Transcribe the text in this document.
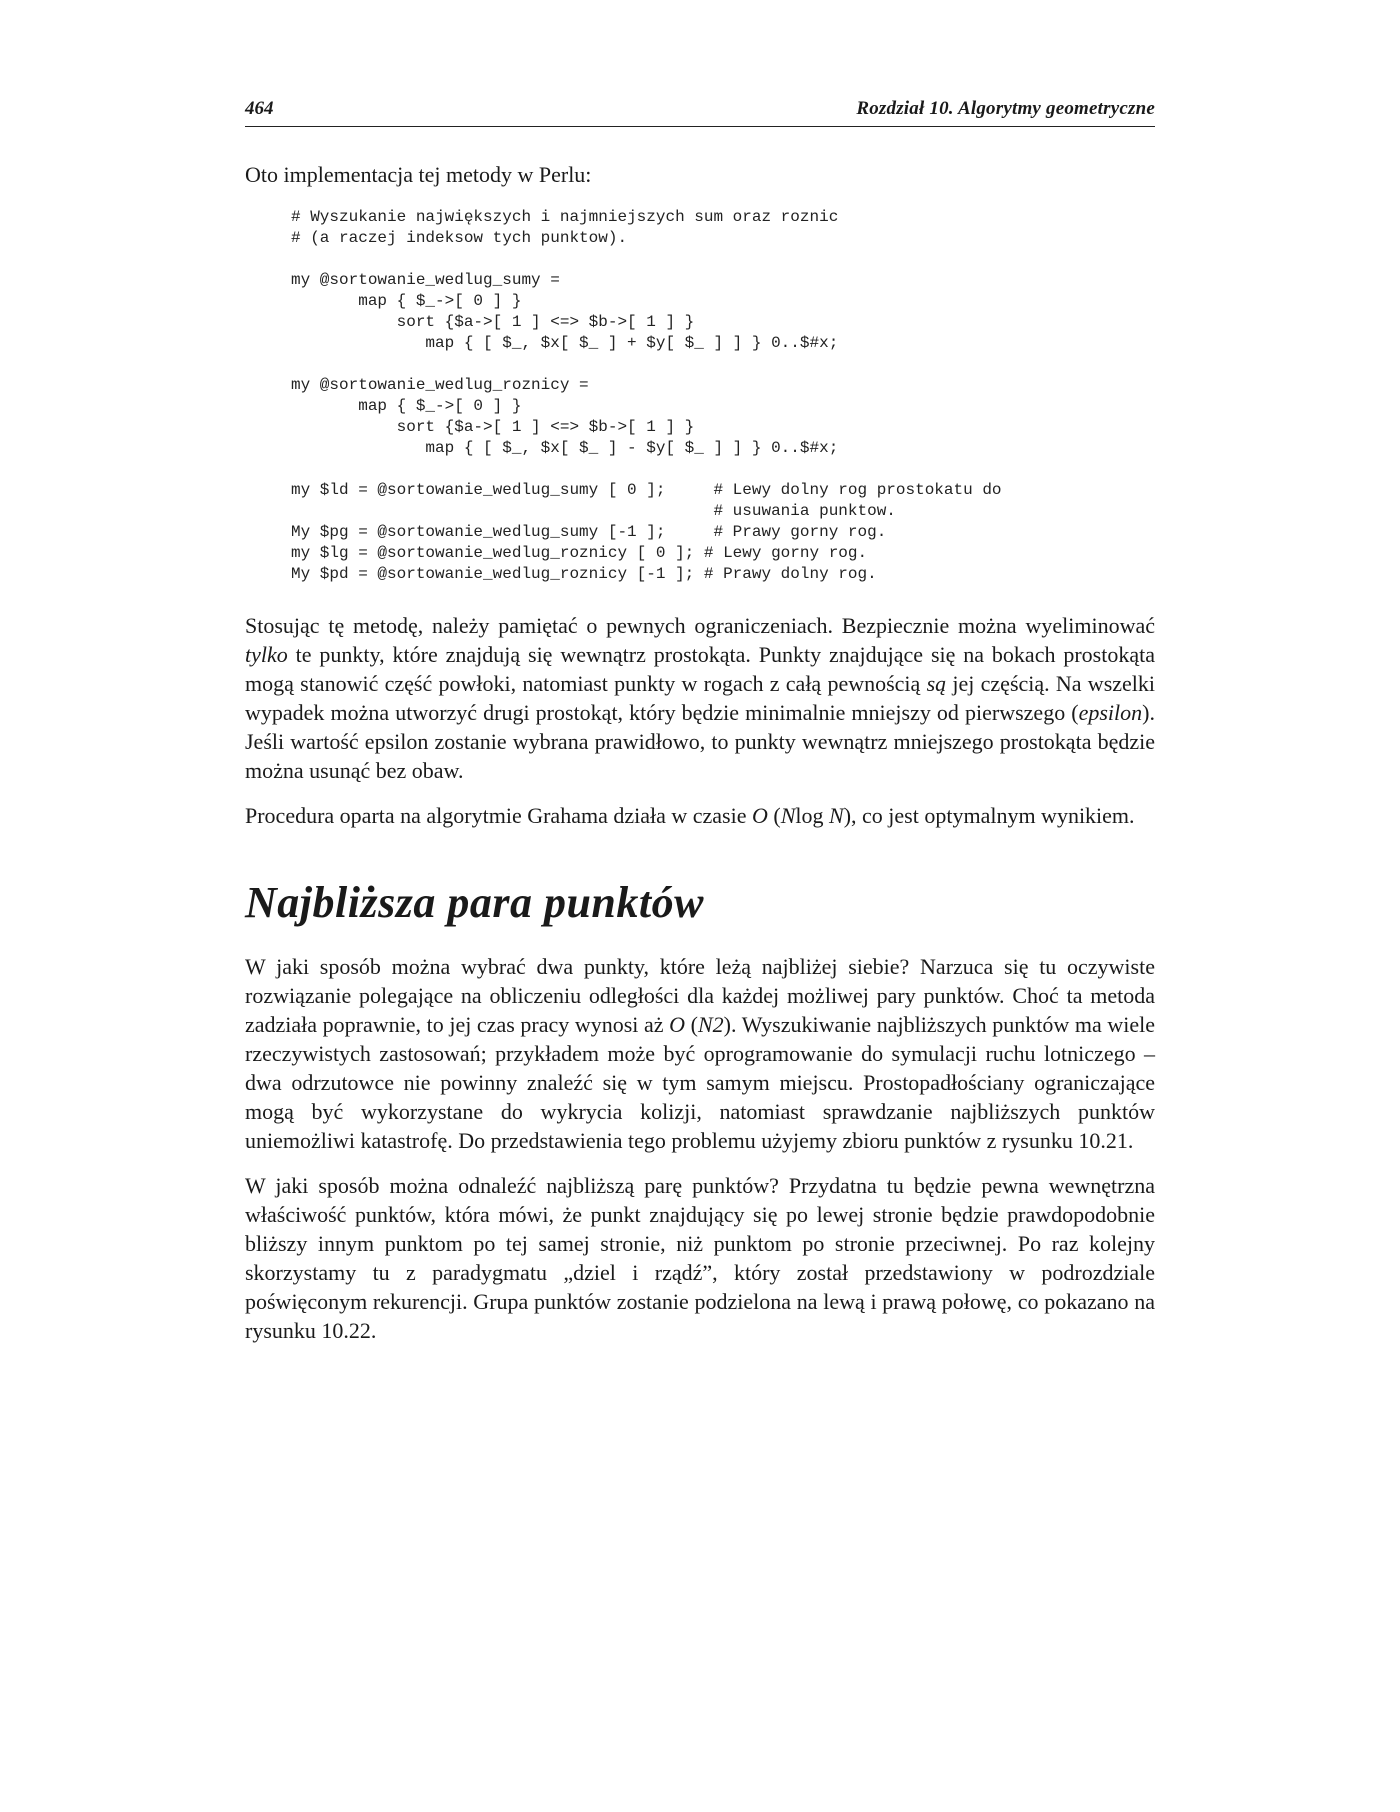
464	Rozdział 10. Algorytmy geometryczne

Oto implementacja tej metody w Perlu:

# Wyszukanie największych i najmniejszych sum oraz roznic
# (a raczej indeksow tych punktow).

my @sortowanie_wedlug_sumy =
map { $_->[ 0 ] }
sort {$a->[ 1 ] <=> $b->[ 1 ] }
map { [ $_, $x[ $_ ] + $y[ $_ ] ] } 0..$#x;

my @sortowanie_wedlug_roznicy =
map { $_->[ 0 ] }
sort {$a->[ 1 ] <=> $b->[ 1 ] }
map { [ $_, $x[ $_ ] - $y[ $_ ] ] } 0..$#x;

my $ld = @sortowanie_wedlug_sumy [ 0 ];     # Lewy dolny rog prostokatu do
# usuwania punktow.
My $pg = @sortowanie_wedlug_sumy [-1 ];     # Prawy gorny rog.
my $lg = @sortowanie_wedlug_roznicy [ 0 ]; # Lewy gorny rog.
My $pd = @sortowanie_wedlug_roznicy [-1 ]; # Prawy dolny rog.

Stosując tę metodę, należy pamiętać o pewnych ograniczeniach. Bezpiecznie można wyeliminować tylko te punkty, które znajdują się wewnątrz prostokąta. Punkty znajdujące się na bokach prostokąta mogą stanowić część powłoki, natomiast punkty w rogach z całą pewnością są jej częścią. Na wszelki wypadek można utworzyć drugi prostokąt, który będzie minimalnie mniejszy od pierwszego (epsilon). Jeśli wartość epsilon zostanie wybrana prawidłowo, to punkty wewnątrz mniejszego prostokąta będzie można usunąć bez obaw.

Procedura oparta na algorytmie Grahama działa w czasie O (Nlog N), co jest optymalnym wynikiem.

Najbliższa para punktów

W jaki sposób można wybrać dwa punkty, które leżą najbliżej siebie? Narzuca się tu oczywiste rozwiązanie polegające na obliczeniu odległości dla każdej możliwej pary punktów. Choć ta metoda zadziała poprawnie, to jej czas pracy wynosi aż O (N2). Wyszukiwanie najbliższych punktów ma wiele rzeczywistych zastosowań; przykładem może być oprogramowanie do symulacji ruchu lotniczego – dwa odrzutowce nie powinny znaleźć się w tym samym miejscu. Prostopadłościany ograniczające mogą być wykorzystane do wykrycia kolizji, natomiast sprawdzanie najbliższych punktów uniemożliwi katastrofę. Do przedstawienia tego problemu użyjemy zbioru punktów z rysunku 10.21.

W jaki sposób można odnaleźć najbliższą parę punktów? Przydatna tu będzie pewna wewnętrzna właściwość punktów, która mówi, że punkt znajdujący się po lewej stronie będzie prawdopodobnie bliższy innym punktom po tej samej stronie, niż punktom po stronie przeciwnej. Po raz kolejny skorzystamy tu z paradygmatu „dziel i rządź”, który został przedstawiony w podrozdziale poświęconym rekurencji. Grupa punktów zostanie podzielona na lewą i prawą połowę, co pokazano na rysunku 10.22.
